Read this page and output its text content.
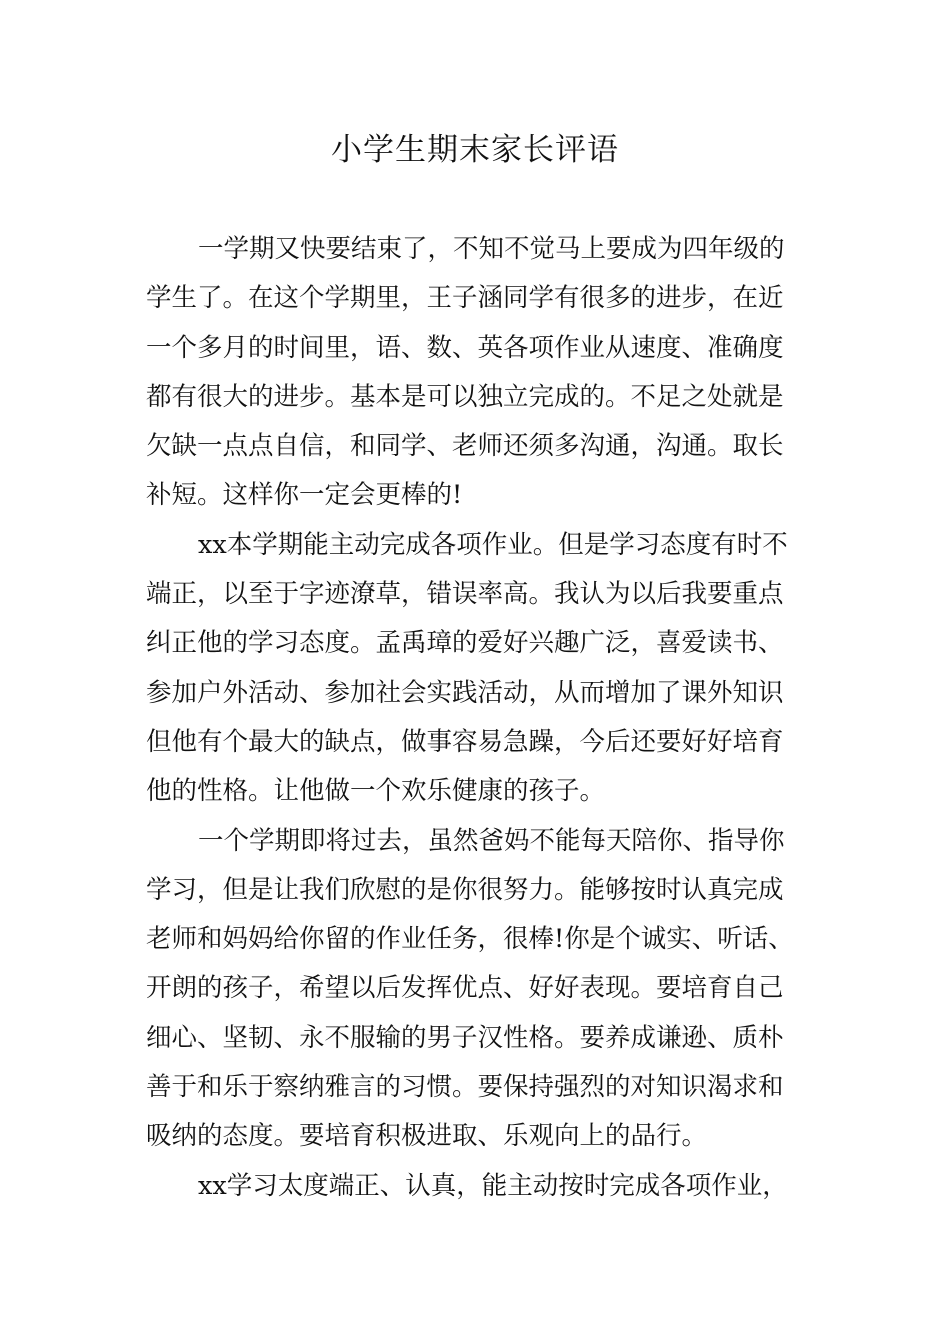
小学生期末家长评语

一学期又快要结束了，不知不觉马上要成为四年级的
学生了。在这个学期里，王子涵同学有很多的进步，在近
一个多月的时间里，语、数、英各项作业从速度、准确度
都有很大的进步。基本是可以独立完成的。不足之处就是
欠缺一点点自信，和同学、老师还须多沟通，沟通。取长
补短。这样你一定会更棒的!

xx本学期能主动完成各项作业。但是学习态度有时不
端正，以至于字迹潦草，错误率高。我认为以后我要重点
纠正他的学习态度。孟禹璋的爱好兴趣广泛，喜爱读书、
参加户外活动、参加社会实践活动，从而增加了课外知识
但他有个最大的缺点，做事容易急躁，今后还要好好培育
他的性格。让他做一个欢乐健康的孩子。

一个学期即将过去，虽然爸妈不能每天陪你、指导你
学习，但是让我们欣慰的是你很努力。能够按时认真完成
老师和妈妈给你留的作业任务，很棒!你是个诚实、听话、
开朗的孩子，希望以后发挥优点、好好表现。要培育自己
细心、坚韧、永不服输的男子汉性格。要养成谦逊、质朴
善于和乐于察纳雅言的习惯。要保持强烈的对知识渴求和
吸纳的态度。要培育积极进取、乐观向上的品行。

xx学习太度端正、认真，能主动按时完成各项作业，
